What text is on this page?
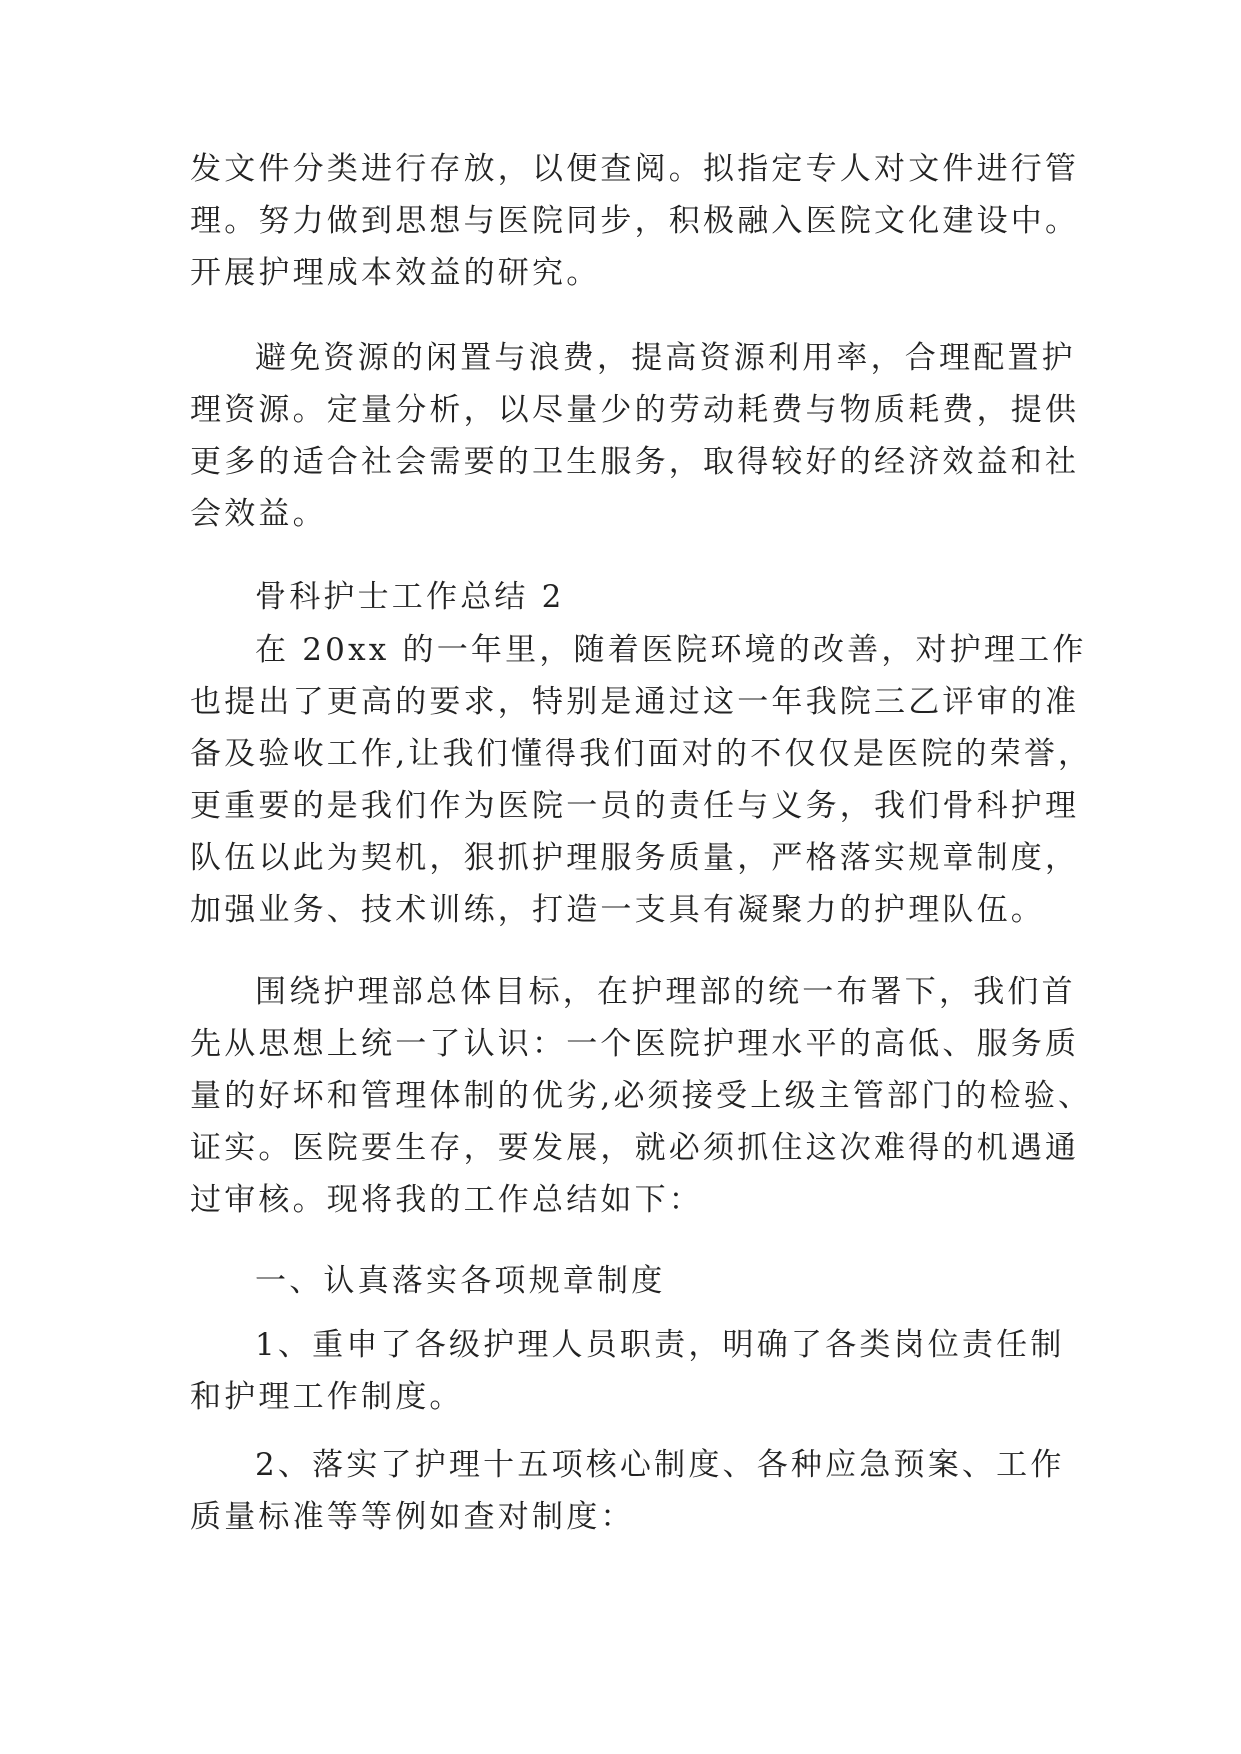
发文件分类进行存放，以便查阅。拟指定专人对文件进行管

理。努力做到思想与医院同步，积极融入医院文化建设中。

开展护理成本效益的研究。

避免资源的闲置与浪费，提高资源利用率，合理配置护

理资源。定量分析，以尽量少的劳动耗费与物质耗费，提供

更多的适合社会需要的卫生服务，取得较好的经济效益和社

会效益。

骨科护士工作总结 2

在 20xx 的一年里，随着医院环境的改善，对护理工作

也提出了更高的要求，特别是通过这一年我院三乙评审的准

备及验收工作,让我们懂得我们面对的不仅仅是医院的荣誉，

更重要的是我们作为医院一员的责任与义务，我们骨科护理

队伍以此为契机，狠抓护理服务质量，严格落实规章制度，

加强业务、技术训练，打造一支具有凝聚力的护理队伍。

围绕护理部总体目标，在护理部的统一布署下，我们首

先从思想上统一了认识：一个医院护理水平的高低、服务质

量的好坏和管理体制的优劣,必须接受上级主管部门的检验、

证实。医院要生存，要发展，就必须抓住这次难得的机遇通

过审核。现将我的工作总结如下：

一、认真落实各项规章制度

1、重申了各级护理人员职责，明确了各类岗位责任制

和护理工作制度。

2、落实了护理十五项核心制度、各种应急预案、工作

质量标准等等例如查对制度：
